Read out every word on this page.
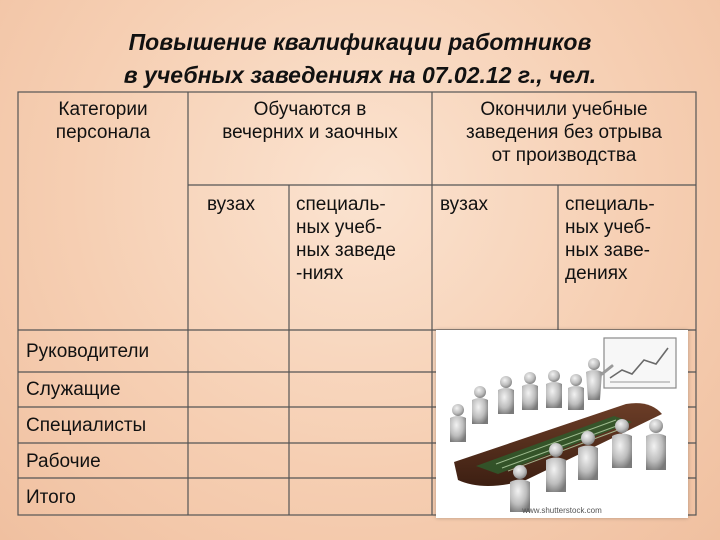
Повышение квалификации работников
в учебных заведениях на 07.02.12 г., чел.
Категории
персонала
Обучаются в
вечерних и заочных
Окончили учебные
заведения без отрыва
от производства
вузах специаль-
ных учеб-
ных заведе
-ниях
вузах	специаль-
ных учеб-
ных заве-
дениях
Руководители
Служащие
Специалисты
Рабочие
Итого
www.shutterstock.com
